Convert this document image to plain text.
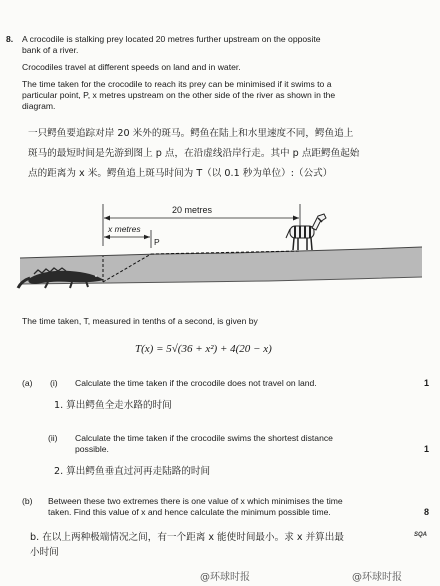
8. A crocodile is stalking prey located 20 metres further upstream on the opposite
bank of a river.
Crocodiles travel at different speeds on land and in water.
The time taken for the crocodile to reach its prey can be minimised if it swims to a
particular point, P, x metres upstream on the other side of the river as shown in the
diagram.
一只鳄鱼要追踪对岸 20 米外的斑马。鳄鱼在陆上和水里速度不同，鳄鱼追上
斑马的最短时间是先游到图上 p 点，在沿虚线沿岸行走。其中 p 点距鳄鱼起始
点的距离为 x 米。鳄鱼追上斑马时间为 T（以 0.1 秒为单位）:（公式）
20 metres
x metres
P
The time taken, T, measured in tenths of a second, is given by
T(x) = 5√(36 + x²) + 4(20 − x)
(a) (i) Calculate the time taken if the crocodile does not travel on land.	1
1. 算出鳄鱼全走水路的时间
(ii) Calculate the time taken if the crocodile swims the shortest distance
possible.	1
2. 算出鳄鱼垂直过河再走陆路的时间
(b) Between these two extremes there is one value of x which minimises the time
taken. Find this value of x and hence calculate the minimum possible time.	8
b. 在以上两种极端情况之间，有一个距离 x 能使时间最小。求 x 并算出最
小时间
SQA
@环球时报	@环球时报
